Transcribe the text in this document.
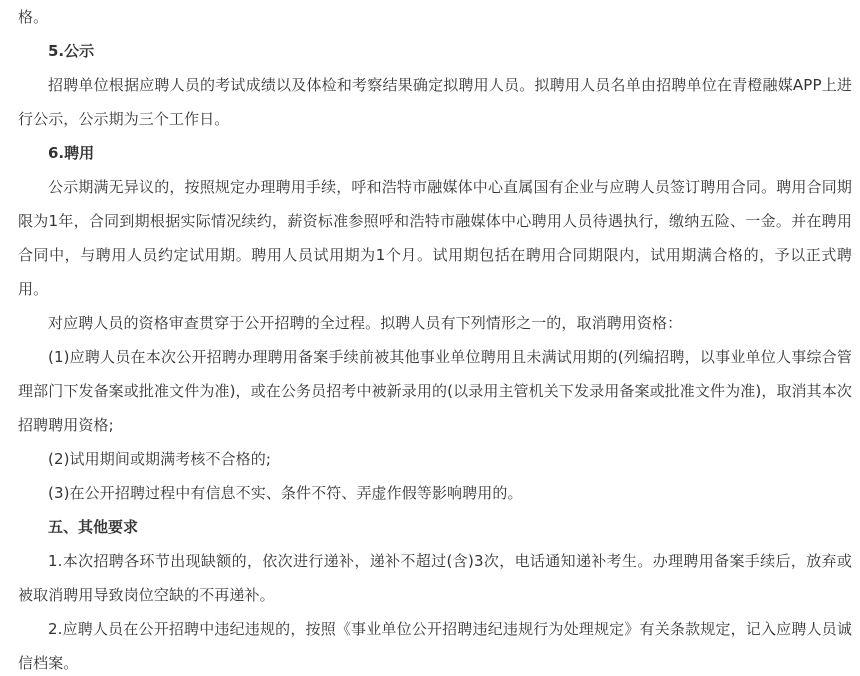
格。

5.公示

招聘单位根据应聘人员的考试成绩以及体检和考察结果确定拟聘用人员。拟聘用人员名单由招聘单位在青橙融媒APP上进行公示，公示期为三个工作日。

6.聘用

公示期满无异议的，按照规定办理聘用手续，呼和浩特市融媒体中心直属国有企业与应聘人员签订聘用合同。聘用合同期限为1年，合同到期根据实际情况续约，薪资标准参照呼和浩特市融媒体中心聘用人员待遇执行，缴纳五险、一金。并在聘用合同中，与聘用人员约定试用期。聘用人员试用期为1个月。试用期包括在聘用合同期限内，试用期满合格的，予以正式聘用。

对应聘人员的资格审查贯穿于公开招聘的全过程。拟聘人员有下列情形之一的，取消聘用资格：

(1)应聘人员在本次公开招聘办理聘用备案手续前被其他事业单位聘用且未满试用期的(列编招聘，以事业单位人事综合管理部门下发备案或批准文件为准)，或在公务员招考中被新录用的(以录用主管机关下发录用备案或批准文件为准)，取消其本次招聘聘用资格;

(2)试用期间或期满考核不合格的;

(3)在公开招聘过程中有信息不实、条件不符、弄虚作假等影响聘用的。

五、其他要求

1.本次招聘各环节出现缺额的，依次进行递补，递补不超过(含)3次，电话通知递补考生。办理聘用备案手续后，放弃或被取消聘用导致岗位空缺的不再递补。

2.应聘人员在公开招聘中违纪违规的，按照《事业单位公开招聘违纪违规行为处理规定》有关条款规定，记入应聘人员诚信档案。
